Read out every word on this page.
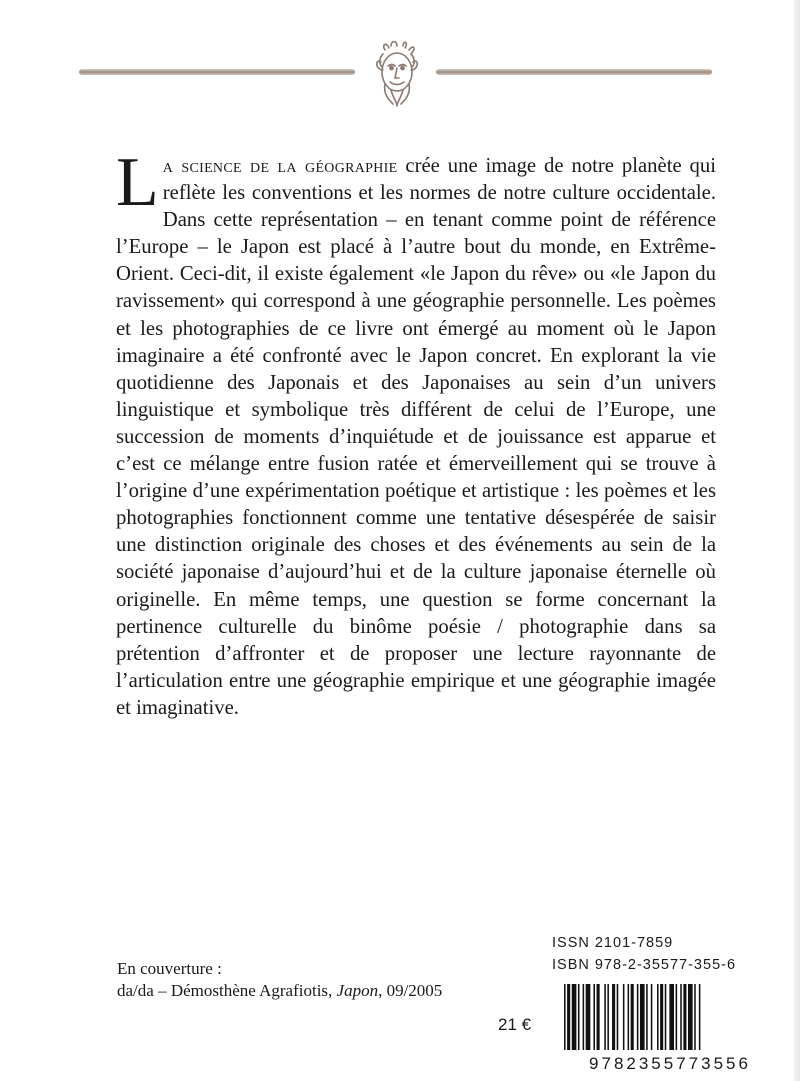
La science de la géographie crée une image de notre planète qui reflète les conventions et les normes de notre culture occidentale. Dans cette représentation – en tenant comme point de référence l’Europe – le Japon est placé à l’autre bout du monde, en Extrême-Orient. Ceci-dit, il existe également «le Japon du rêve» ou «le Japon du ravissement» qui correspond à une géographie personnelle. Les poèmes et les photographies de ce livre ont émergé au moment où le Japon imaginaire a été confronté avec le Japon concret. En explorant la vie quotidienne des Japonais et des Japonaises au sein d’un univers linguistique et symbolique très différent de celui de l’Europe, une succession de moments d’inquiétude et de jouissance est apparue et c’est ce mélange entre fusion ratée et émerveillement qui se trouve à l’origine d’une expérimentation poétique et artistique : les poèmes et les photographies fonctionnent comme une tentative désespérée de saisir une distinction originale des choses et des événements au sein de la société japonaise d’aujourd’hui et de la culture japonaise éternelle où originelle. En même temps, une question se forme concernant la pertinence culturelle du binôme poésie / photographie dans sa prétention d’affronter et de proposer une lecture rayonnante de l’articulation entre une géographie empirique et une géographie imagée et imaginative.
En couverture :
da/da – Démosthène Agrafiotis, Japon, 09/2005
21 €
ISSN 2101-7859
ISBN 978-2-35577-355-6
9782355773556
